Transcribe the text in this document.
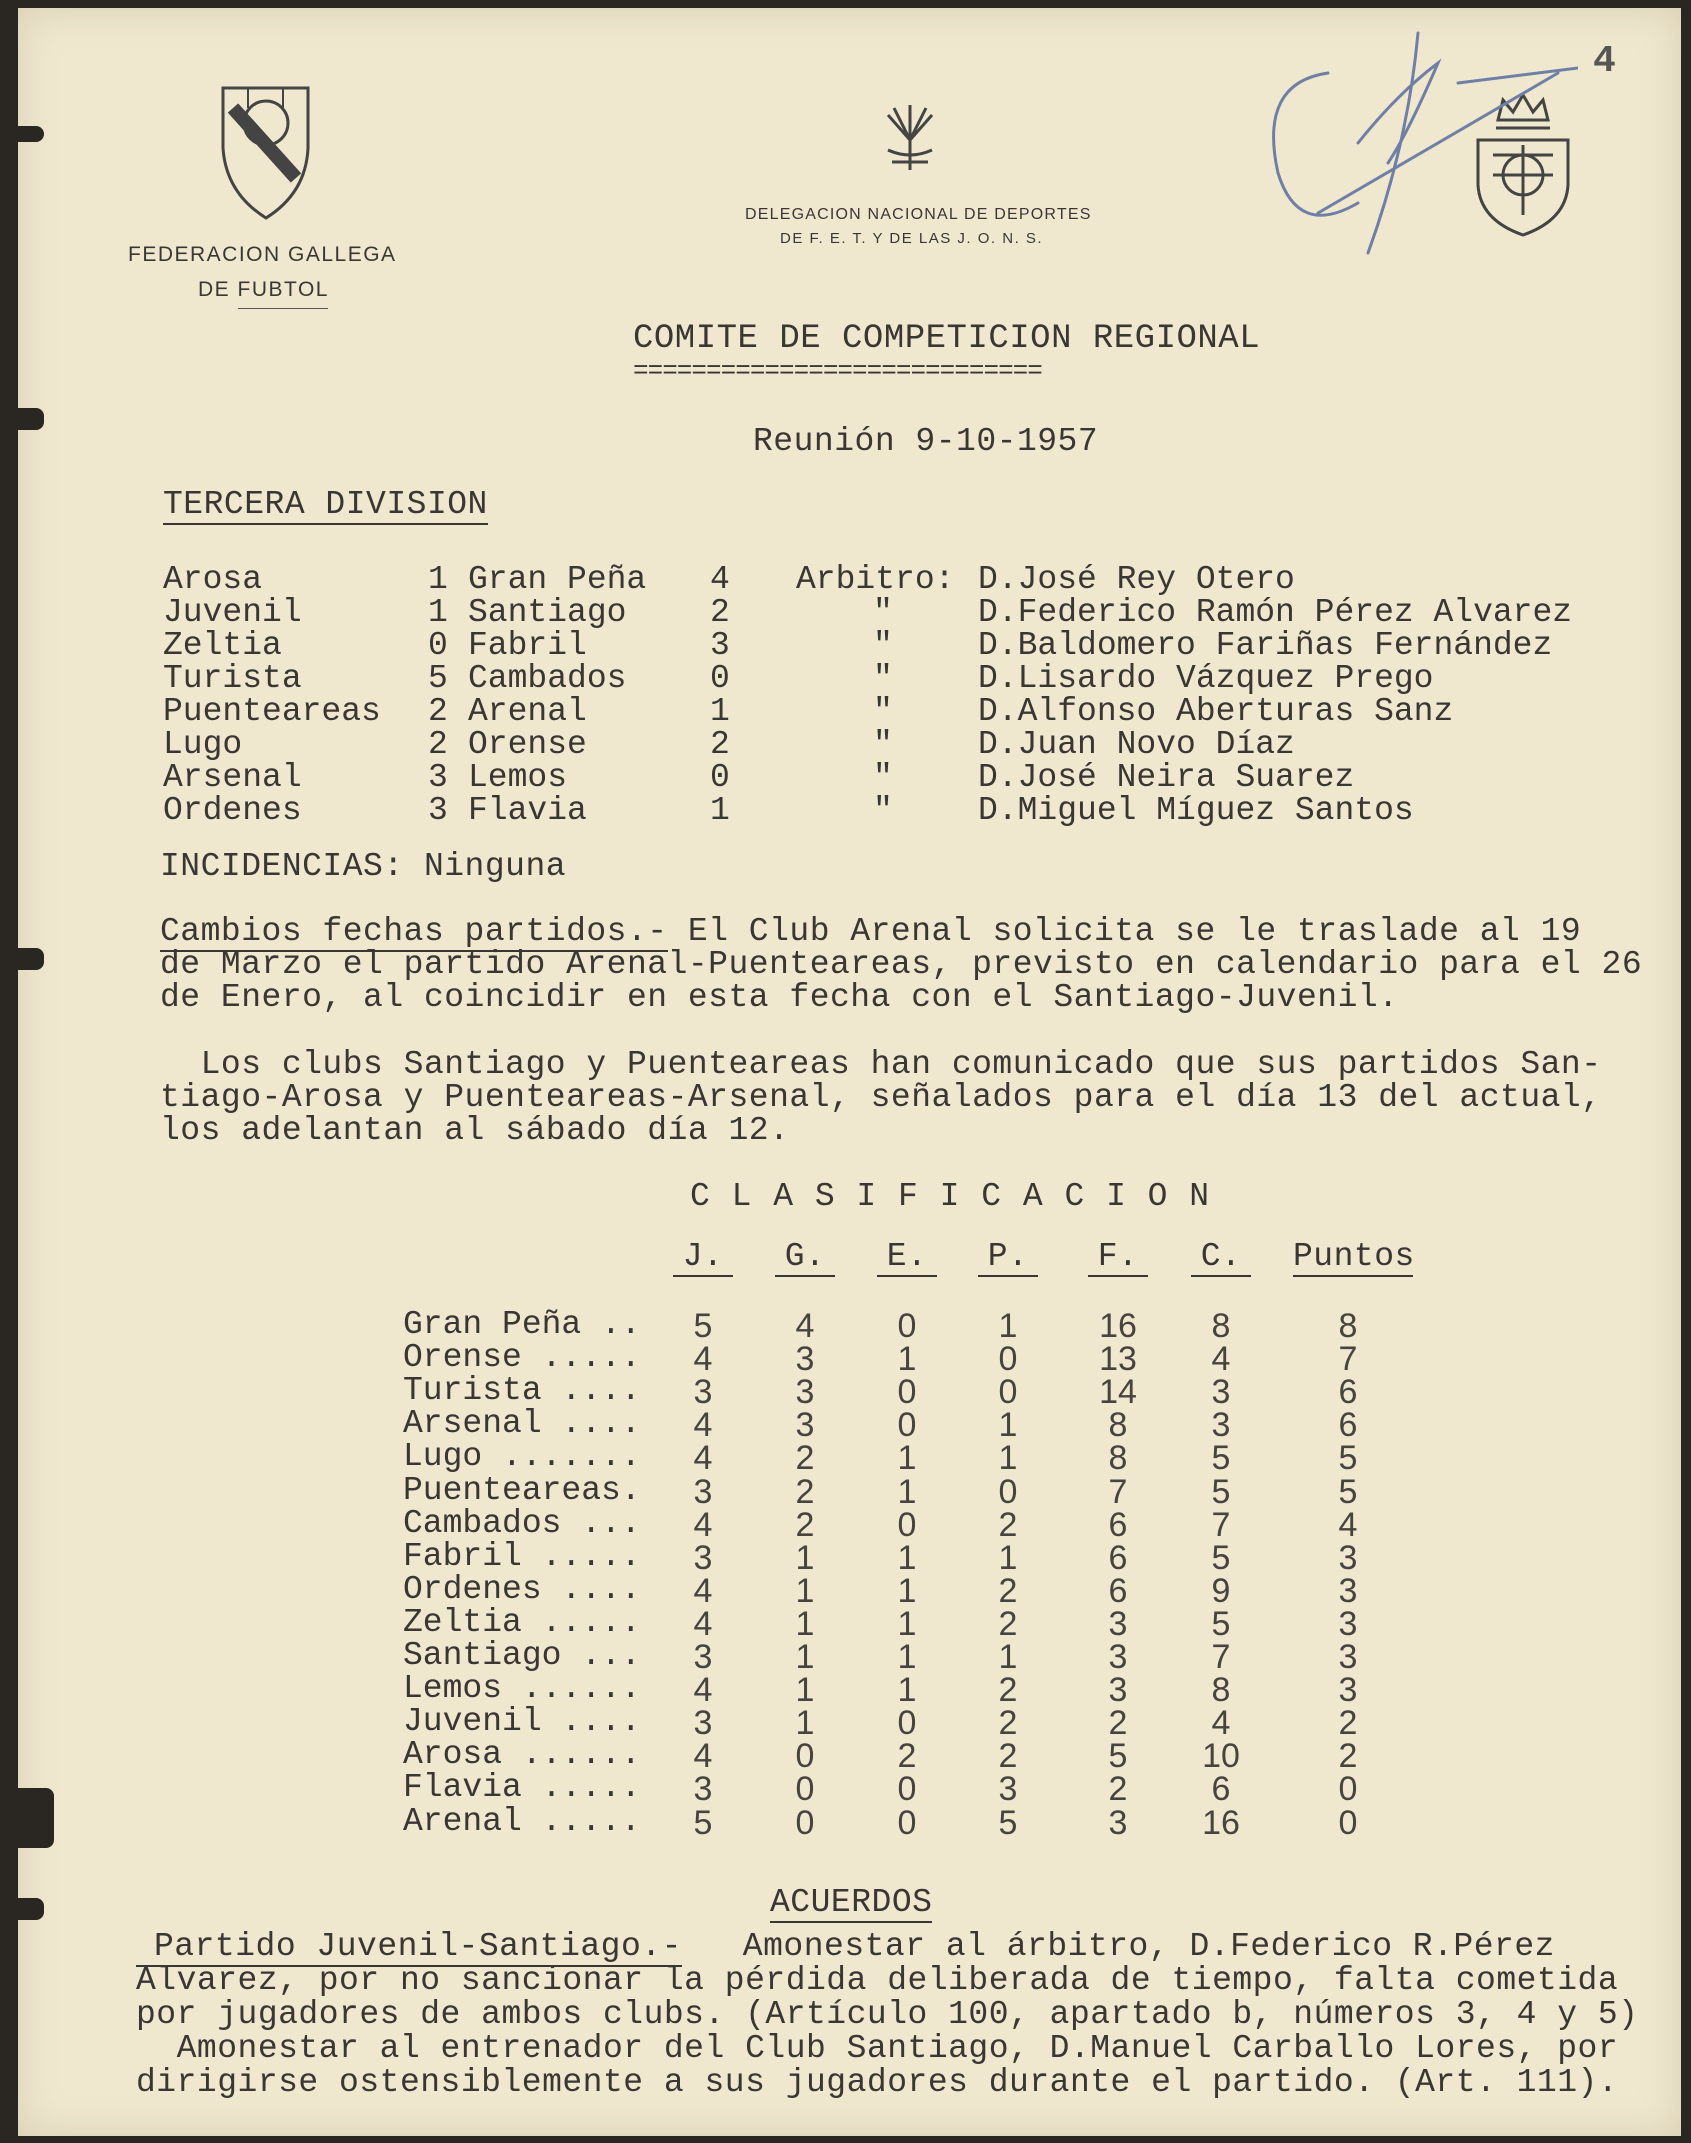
4
FEDERACION GALLEGA
DE FUBTOL
DELEGACION NACIONAL DE DEPORTES
DE F. E. T. Y DE LAS J. O. N. S.
COMITE DE COMPETICION REGIONAL
============================
Reunión 9-10-1957
TERCERA DIVISION
Arosa	1 Gran Peña 4 Arbitro: D.José Rey Otero
Juvenil	1 Santiago	2	"	D.Federico Ramón Pérez Alvarez
Zeltia	0 Fabril	3	"	D.Baldomero Fariñas Fernández
Turista	5 Cambados	0	"	D.Lisardo Vázquez Prego
Puenteareas 2 Arenal	1	"	D.Alfonso Aberturas Sanz
Lugo	2 Orense	2	"	D.Juan Novo Díaz
Arsenal	3 Lemos	0	"	D.José Neira Suarez
Ordenes	3 Flavia	1	"	D.Miguel Míguez Santos
INCIDENCIAS: Ninguna
Cambios fechas partidos.- El Club Arenal solicita se le traslade al 19
de Marzo el partido Arenal-Puenteareas, previsto en calendario para el 26
de Enero, al coincidir en esta fecha con el Santiago-Juvenil.
Los clubs Santiago y Puenteareas han comunicado que sus partidos San-
tiago-Arosa y Puenteareas-Arsenal, señalados para el día 13 del actual,
los adelantan al sábado día 12.
C L A S I F I C A C I O N
J. G. E. P. F. C. Puntos
Gran Peña ..	5	4	0	1	16	8	8
Orense .....	4	3	1	0	13	4	7
Turista ....	3	3	0	0	14	3	6
Arsenal ....	4	3	0	1	8	3	6
Lugo .......	4	2	1	1	8	5	5
Puenteareas.	3	2	1	0	7	5	5
Cambados ...	4	2	0	2	6	7	4
Fabril .....	3	1	1	1	6	5	3
Ordenes ....	4	1	1	2	6	9	3
Zeltia .....	4	1	1	2	3	5	3
Santiago ...	3	1	1	1	3	7	3
Lemos ......	4	1	1	2	3	8	3
Juvenil ....	3	1	0	2	2	4	2
Arosa ......	4	0	2	2	5	10	2
Flavia .....	3	0	0	3	2	6	0
Arenal .....	5	0	0	5	3	16	0
ACUERDOS
Partido Juvenil-Santiago.-   Amonestar al árbitro, D.Federico R.Pérez
Alvarez, por no sancionar la pérdida deliberada de tiempo, falta cometida
por jugadores de ambos clubs. (Artículo 100, apartado b, números 3, 4 y 5)
Amonestar al entrenador del Club Santiago, D.Manuel Carballo Lores, por
dirigirse ostensiblemente a sus jugadores durante el partido. (Art. 111).
